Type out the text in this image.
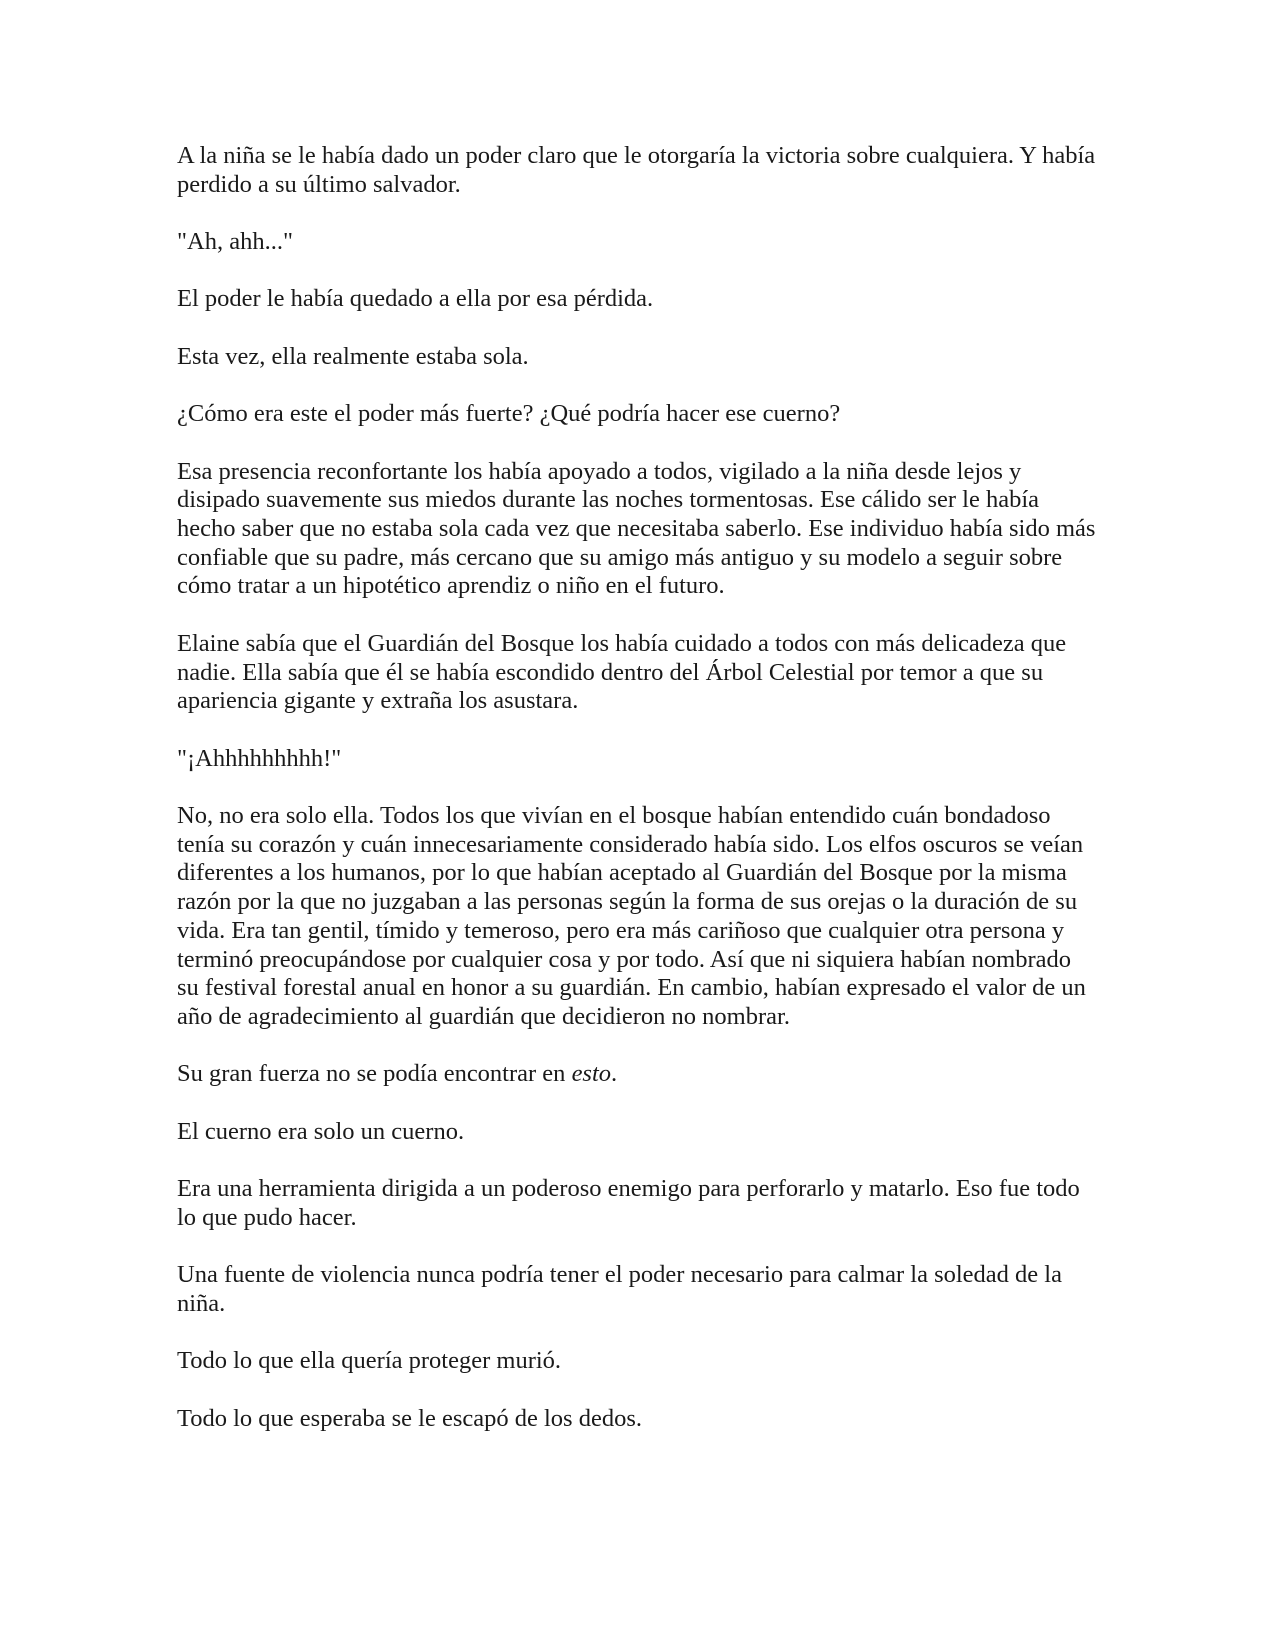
A la niña se le había dado un poder claro que le otorgaría la victoria sobre cualquiera. Y había perdido a su último salvador.

"Ah, ahh..."

El poder le había quedado a ella por esa pérdida.

Esta vez, ella realmente estaba sola.

¿Cómo era este el poder más fuerte? ¿Qué podría hacer ese cuerno?

Esa presencia reconfortante los había apoyado a todos, vigilado a la niña desde lejos y disipado suavemente sus miedos durante las noches tormentosas. Ese cálido ser le había hecho saber que no estaba sola cada vez que necesitaba saberlo. Ese individuo había sido más confiable que su padre, más cercano que su amigo más antiguo y su modelo a seguir sobre cómo tratar a un hipotético aprendiz o niño en el futuro.

Elaine sabía que el Guardián del Bosque los había cuidado a todos con más delicadeza que nadie. Ella sabía que él se había escondido dentro del Árbol Celestial por temor a que su apariencia gigante y extraña los asustara.

"¡Ahhhhhhhhh!"

No, no era solo ella. Todos los que vivían en el bosque habían entendido cuán bondadoso tenía su corazón y cuán innecesariamente considerado había sido. Los elfos oscuros se veían diferentes a los humanos, por lo que habían aceptado al Guardián del Bosque por la misma razón por la que no juzgaban a las personas según la forma de sus orejas o la duración de su vida. Era tan gentil, tímido y temeroso, pero era más cariñoso que cualquier otra persona y terminó preocupándose por cualquier cosa y por todo. Así que ni siquiera habían nombrado su festival forestal anual en honor a su guardián. En cambio, habían expresado el valor de un año de agradecimiento al guardián que decidieron no nombrar.

Su gran fuerza no se podía encontrar en esto.

El cuerno era solo un cuerno.

Era una herramienta dirigida a un poderoso enemigo para perforarlo y matarlo. Eso fue todo lo que pudo hacer.

Una fuente de violencia nunca podría tener el poder necesario para calmar la soledad de la niña.

Todo lo que ella quería proteger murió.

Todo lo que esperaba se le escapó de los dedos.
